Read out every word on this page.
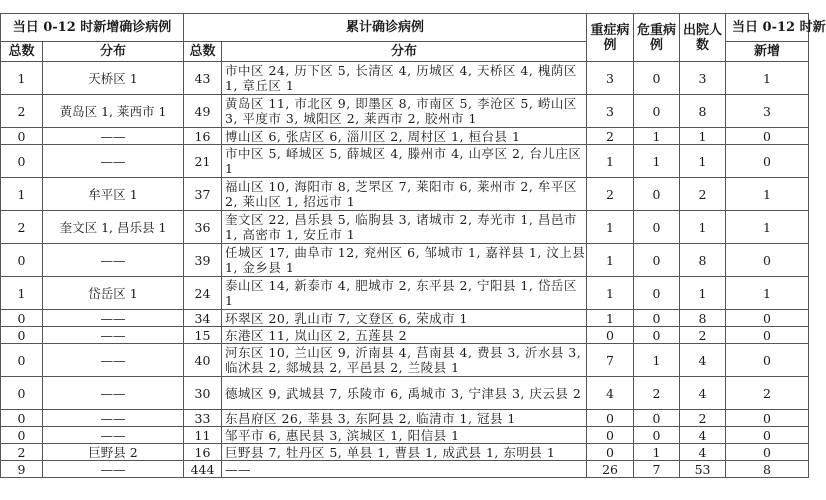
当日 0-12 时新增确诊病例		累计确诊病例		重症病例	危重病例	出院人数	当日 0-12 时新
总数	分布	总数	分布				新增
1	天桥区 1	43	市中区 24, 历下区 5, 长清区 4, 历城区 4, 天桥区 4, 槐荫区 1, 章丘区 1	3	0	3	1
2	黄岛区 1, 莱西市 1	49	黄岛区 11, 市北区 9, 即墨区 8, 市南区 5, 李沧区 5, 崂山区 3, 平度市 3, 城阳区 2, 莱西市 2, 胶州市 1	3	0	8	3
0	——	16	博山区 6, 张店区 6, 淄川区 2, 周村区 1, 桓台县 1	2	1	1	0
0	——	21	市中区 5, 峄城区 5, 薛城区 4, 滕州市 4, 山亭区 2, 台儿庄区 1	1	1	1	0
1	牟平区 1	37	福山区 10, 海阳市 8, 芝罘区 7, 莱阳市 6, 莱州市 2, 牟平区 2, 莱山区 1, 招远市 1	2	0	2	1
2	奎文区 1, 昌乐县 1	36	奎文区 22, 昌乐县 5, 临朐县 3, 诸城市 2, 寿光市 1, 昌邑市 1, 高密市 1, 安丘市 1	1	0	1	1
0	——	39	任城区 17, 曲阜市 12, 兖州区 6, 邹城市 1, 嘉祥县 1, 汶上县 1, 金乡县 1	1	0	8	0
1	岱岳区 1	24	泰山区 14, 新泰市 4, 肥城市 2, 东平县 2, 宁阳县 1, 岱岳区 1	1	0	1	1
0	——	34	环翠区 20, 乳山市 7, 文登区 6, 荣成市 1	1	0	8	0
0	——	15	东港区 11, 岚山区 2, 五莲县 2	0	0	2	0
0	——	40	河东区 10, 兰山区 9, 沂南县 4, 莒南县 4, 费县 3, 沂水县 3, 临沭县 2, 郯城县 2, 平邑县 2, 兰陵县 1	7	1	4	0
0	——	30	德城区 9, 武城县 7, 乐陵市 6, 禹城市 3, 宁津县 3, 庆云县 2	4	2	4	2
0	——	33	东昌府区 26, 莘县 3, 东阿县 2, 临清市 1, 冠县 1	0	0	2	0
0	——	11	邹平市 6, 惠民县 3, 滨城区 1, 阳信县 1	0	0	4	0
2	巨野县 2	16	巨野县 7, 牡丹区 5, 单县 1, 曹县 1, 成武县 1, 东明县 1	0	1	4	0
9	——	444	——	26	7	53	8
